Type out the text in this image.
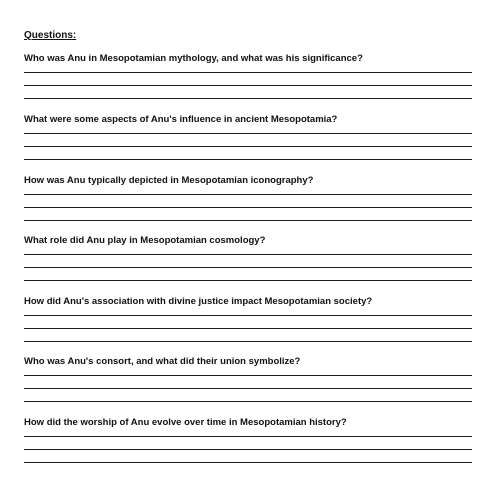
Questions:
Who was Anu in Mesopotamian mythology, and what was his significance?
What were some aspects of Anu's influence in ancient Mesopotamia?
How was Anu typically depicted in Mesopotamian iconography?
What role did Anu play in Mesopotamian cosmology?
How did Anu's association with divine justice impact Mesopotamian society?
Who was Anu's consort, and what did their union symbolize?
How did the worship of Anu evolve over time in Mesopotamian history?
